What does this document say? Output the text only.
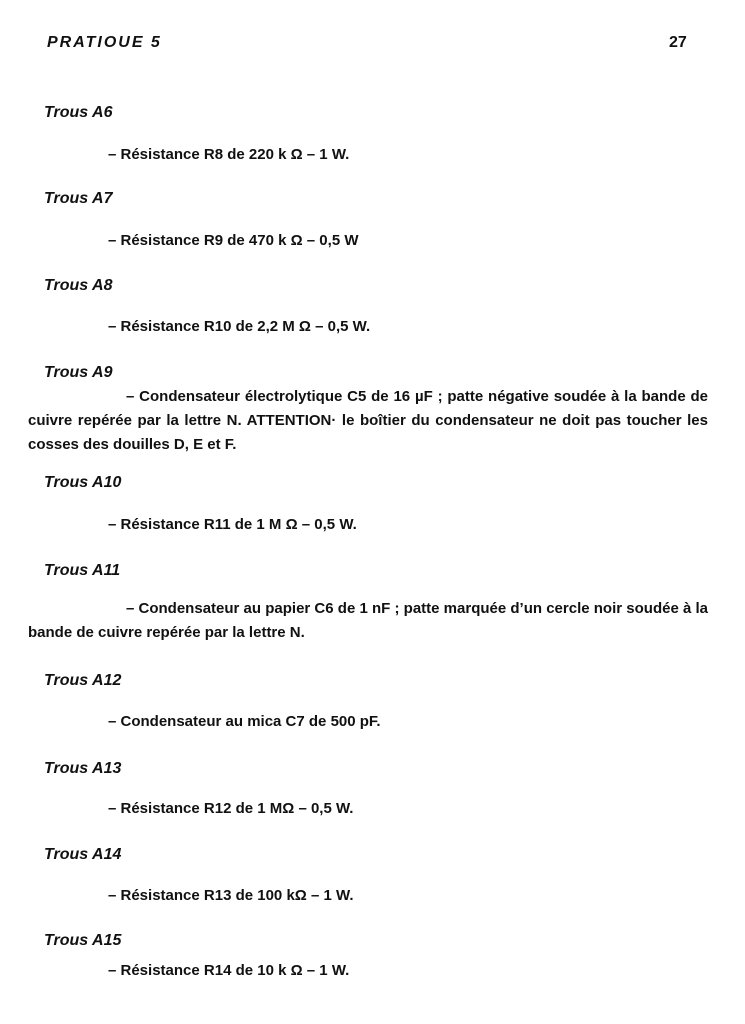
PRATIOUE 5	27
Trous A6
– Résistance R8 de 220 k Ω – 1 W.
Trous A7
– Résistance R9 de 470 k Ω – 0,5 W
Trous A8
– Résistance R10 de 2,2 M Ω – 0,5 W.
Trous A9
– Condensateur électrolytique C5 de 16 µF ; patte négative soudée à la bande de cuivre repérée par la lettre N. ATTENTION· le boîtier du condensateur ne doit pas toucher les cosses des douilles D, E et F.
Trous A10
– Résistance R11 de 1 M Ω – 0,5 W.
Trous A11
– Condensateur au papier C6 de 1 nF ; patte marquée d’un cercle noir soudée à la bande de cuivre repérée par la lettre N.
Trous A12
– Condensateur au mica C7 de 500 pF.
Trous A13
– Résistance R12 de 1 MΩ – 0,5 W.
Trous A14
– Résistance R13 de 100 kΩ – 1 W.
Trous A15
– Résistance R14 de 10 k Ω – 1 W.
